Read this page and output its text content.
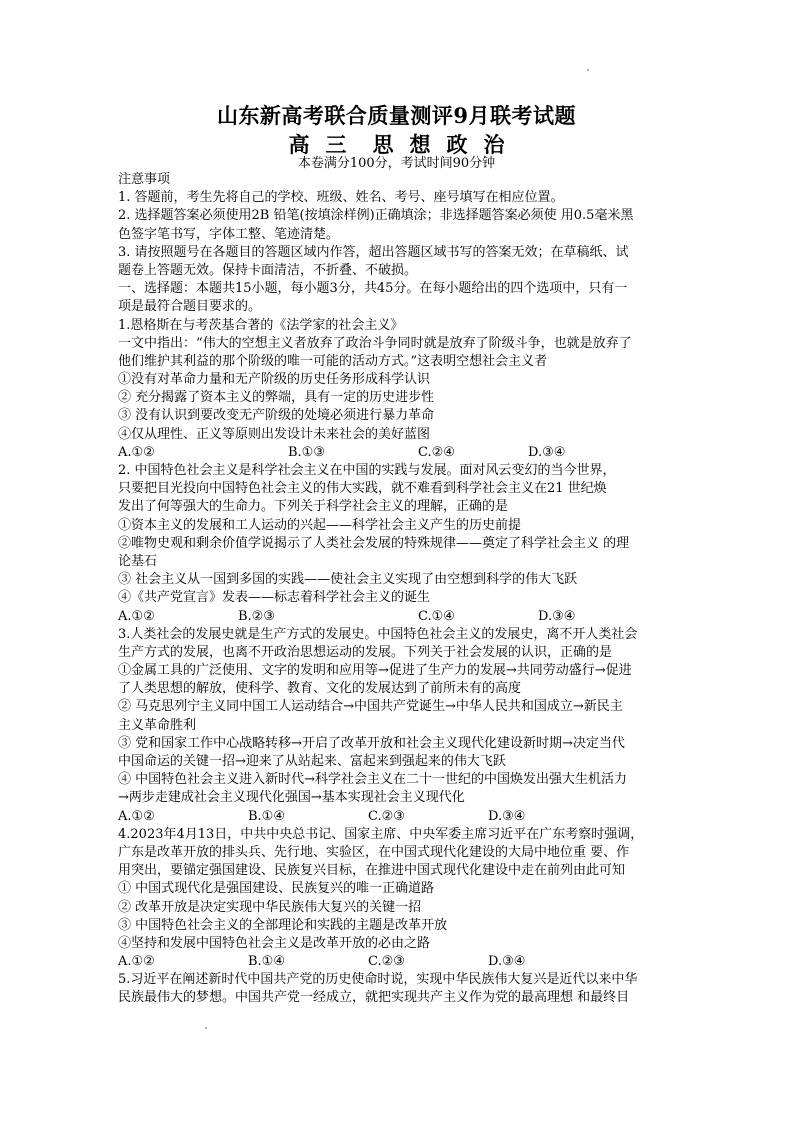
山东新高考联合质量测评9月联考试题
高 三 思 想 政 治
本卷满分100分，考试时间90分钟
注意事项
1. 答题前，考生先将自己的学校、班级、姓名、考号、座号填写在相应位置。
2. 选择题答案必须使用2B 铅笔(按填涂样例)正确填涂；非选择题答案必须使 用0.5毫米黑
色签字笔书写，字体工整、笔迹清楚。
3. 请按照题号在各题目的答题区域内作答，超出答题区域书写的答案无效；在草稿纸、试
题卷上答题无效。保持卡面清洁，不折叠、不破损。
一、选择题：本题共15小题，每小题3分，共45分。在每小题给出的四个选项中，只有一
项是最符合题目要求的。
1.恩格斯在与考茨基合著的《法学家的社会主义》
一文中指出：“伟大的空想主义者放弃了政治斗争同时就是放弃了阶级斗争，也就是放弃了
他们维护其利益的那个阶级的唯一可能的活动方式。”这表明空想社会主义者
①没有对革命力量和无产阶级的历史任务形成科学认识
② 充分揭露了资本主义的弊端，具有一定的历史进步性
③ 没有认识到要改变无产阶级的处境必须进行暴力革命
④仅从理性、正义等原则出发设计未来社会的美好蓝图
A.①②	B.①③	C.②④	D.③④
2. 中国特色社会主义是科学社会主义在中国的实践与发展。面对风云变幻的当今世界，
只要把目光投向中国特色社会主义的伟大实践，就不难看到科学社会主义在21 世纪焕
发出了何等强大的生命力。下列关于科学社会主义的理解，正确的是
①资本主义的发展和工人运动的兴起——科学社会主义产生的历史前提
②唯物史观和剩余价值学说揭示了人类社会发展的特殊规律——奠定了科学社会主义 的理
论基石
③ 社会主义从一国到多国的实践——使社会主义实现了由空想到科学的伟大飞跃
④《共产党宣言》发表——标志着科学社会主义的诞生
A.①②	B.②③	C.①④	D.③④
3.人类社会的发展史就是生产方式的发展史。中国特色社会主义的发展史，离不开人类社会
生产方式的发展，也离不开政治思想运动的发展。下列关于社会发展的认识，正确的是
①金属工具的广泛使用、文字的发明和应用等→促进了生产力的发展→共同劳动盛行→促进
了人类思想的解放，使科学、教育、文化的发展达到了前所未有的高度
② 马克思列宁主义同中国工人运动结合→中国共产党诞生→中华人民共和国成立→新民主
主义革命胜利
③ 党和国家工作中心战略转移→开启了改革开放和社会主义现代化建设新时期→决定当代
中国命运的关键一招→迎来了从站起来、富起来到强起来的伟大飞跃
④ 中国特色社会主义进入新时代→科学社会主义在二十一世纪的中国焕发出强大生机活力
→两步走建成社会主义现代化强国→基本实现社会主义现代化
A.①②	B.①④	C.②③	D.③④
4.2023年4月13日，中共中央总书记、国家主席、中央军委主席习近平在广东考察时强调，
广东是改革开放的排头兵、先行地、实验区，在中国式现代化建设的大局中地位重 要、作
用突出，要锚定强国建设、民族复兴目标，在推进中国式现代化建设中走在前列由此可知
① 中国式现代化是强国建设、民族复兴的唯一正确道路
② 改革开放是决定实现中华民族伟大复兴的关键一招
③ 中国特色社会主义的全部理论和实践的主题是改革开放
④坚持和发展中国特色社会主义是改革开放的必由之路
A.①②	B.①④	C.②③	D.③④
5.习近平在阐述新时代中国共产党的历史使命时说，实现中华民族伟大复兴是近代以来中华
民族最伟大的梦想。中国共产党一经成立，就把实现共产主义作为党的最高理想 和最终目
